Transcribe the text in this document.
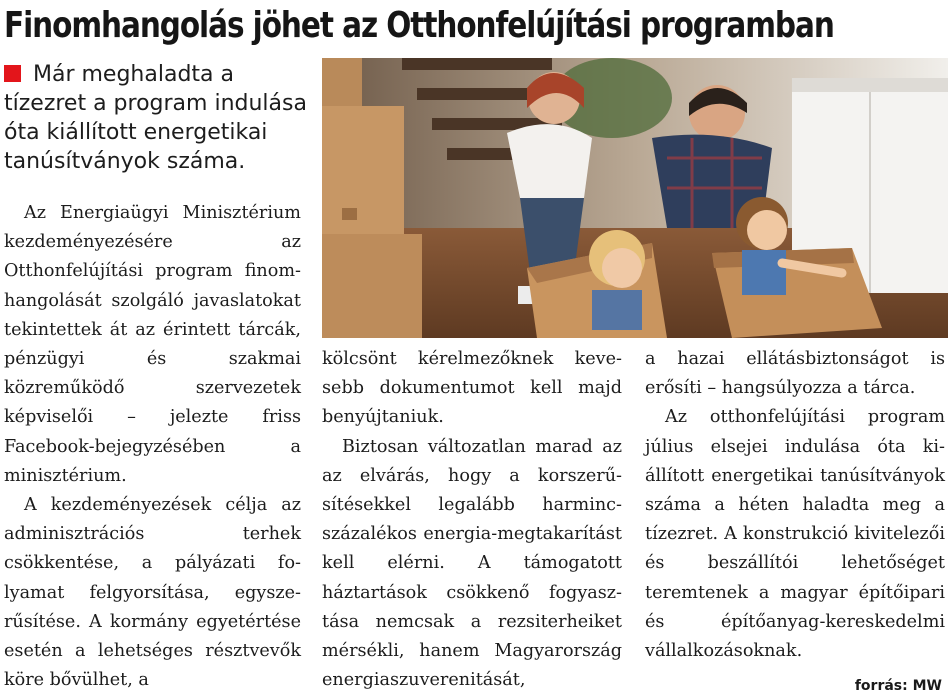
Finomhangolás jöhet az Otthonfelújítási programban

Már meghaladta a tízezret a program indulása óta kiállított energetikai tanúsítványok száma.

Az Energiaügyi Minisztérium kezdeményezésére az Otthonfelújítási program finomhangolását szolgáló javaslatokat tekintettek át az érintett tárcák, pénzügyi és szakmai közreműködő szervezetek képviselői – jelezte friss Facebook-bejegyzésében a minisztérium.

A kezdeményezések célja az adminisztrációs terhek csökkentése, a pályázati folyamat felgyorsítása, egyszerűsítése. A kormány egyetértése esetén a lehetséges résztvevők köre bővülhet, a

kölcsönt kérelmezőknek kevesebb dokumentumot kell majd benyújtaniuk.

Biztosan változatlan marad az az elvárás, hogy a korszerűsítésekkel legalább harmincszázalékos energia-megtakarítást kell elérni. A támogatott háztartások csökkenő fogyasztása nemcsak a rezsiterheiket mérsékli, hanem Magyarország energiaszuverenitását,

a hazai ellátásbiztonságot is erősíti – hangsúlyozza a tárca.

Az otthonfelújítási program július elsejei indulása óta kiállított energetikai tanúsítványok száma a héten haladta meg a tízezret. A konstrukció kivitelezői és beszállítói lehetőséget teremtenek a magyar építőipari és építőanyag-kereskedelmi vállalkozásoknak.

forrás: MW
